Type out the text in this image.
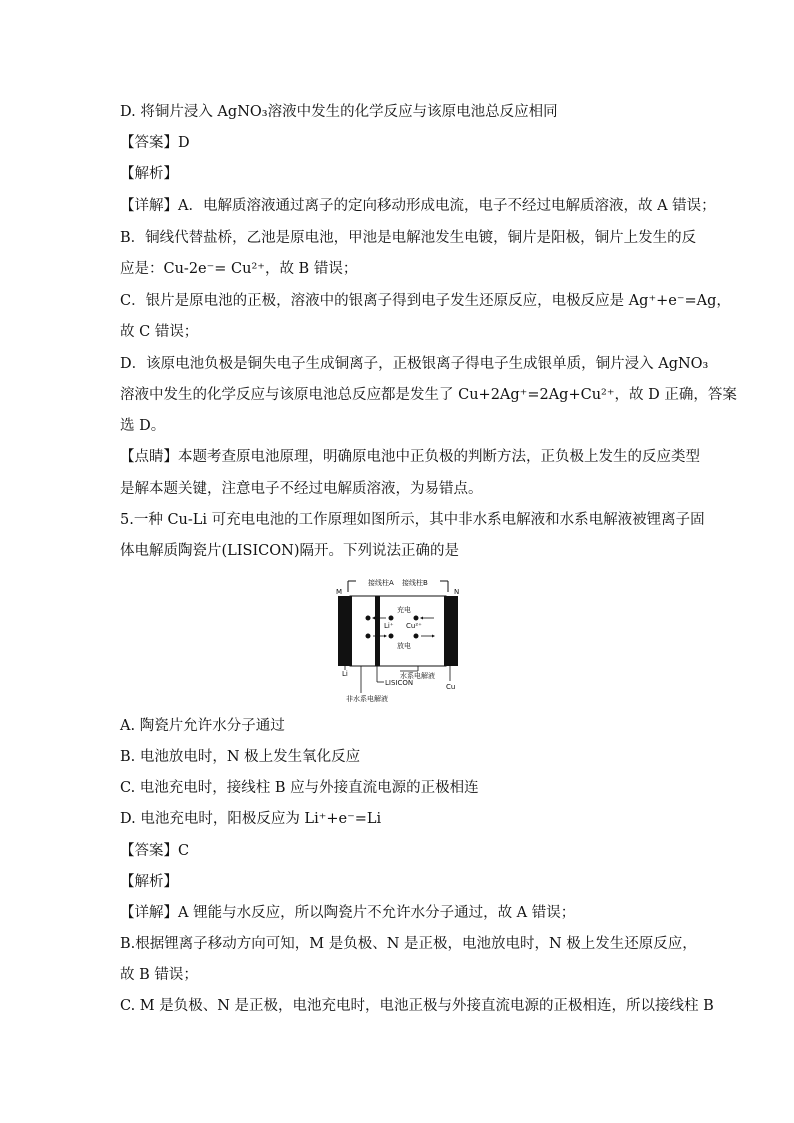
D. 将铜片浸入 AgNO₃溶液中发生的化学反应与该原电池总反应相同
【答案】D
【解析】
【详解】A．电解质溶液通过离子的定向移动形成电流，电子不经过电解质溶液，故 A 错误；
B．铜线代替盐桥，乙池是原电池，甲池是电解池发生电镀，铜片是阳极，铜片上发生的反
应是：Cu-2e⁻= Cu²⁺，故 B 错误；
C．银片是原电池的正极，溶液中的银离子得到电子发生还原反应，电极反应是 Ag⁺+e⁻=Ag，
故 C 错误；
D．该原电池负极是铜失电子生成铜离子，正极银离子得电子生成银单质，铜片浸入 AgNO₃
溶液中发生的化学反应与该原电池总反应都是发生了 Cu+2Ag⁺=2Ag+Cu²⁺，故 D 正确，答案
选 D。
【点睛】本题考查原电池原理，明确原电池中正负极的判断方法，正负极上发生的反应类型
是解本题关键，注意电子不经过电解质溶液，为易错点。
5.一种 Cu-Li 可充电电池的工作原理如图所示，其中非水系电解液和水系电解液被锂离子固
体电解质陶瓷片(LISICON)隔开。下列说法正确的是
接线柱A 接线柱B
M	N
充电
Li⁺ Cu²⁺
放电
Li
Cu
水系电解液
LISICON
非水系电解液
A. 陶瓷片允许水分子通过
B. 电池放电时，N 极上发生氧化反应
C. 电池充电时，接线柱 B 应与外接直流电源的正极相连
D. 电池充电时，阳极反应为 Li⁺+e⁻=Li
【答案】C
【解析】
【详解】A 锂能与水反应，所以陶瓷片不允许水分子通过，故 A 错误；
B.根据锂离子移动方向可知，M 是负极、N 是正极，电池放电时，N 极上发生还原反应，
故 B 错误；
C. M 是负极、N 是正极，电池充电时，电池正极与外接直流电源的正极相连，所以接线柱 B
